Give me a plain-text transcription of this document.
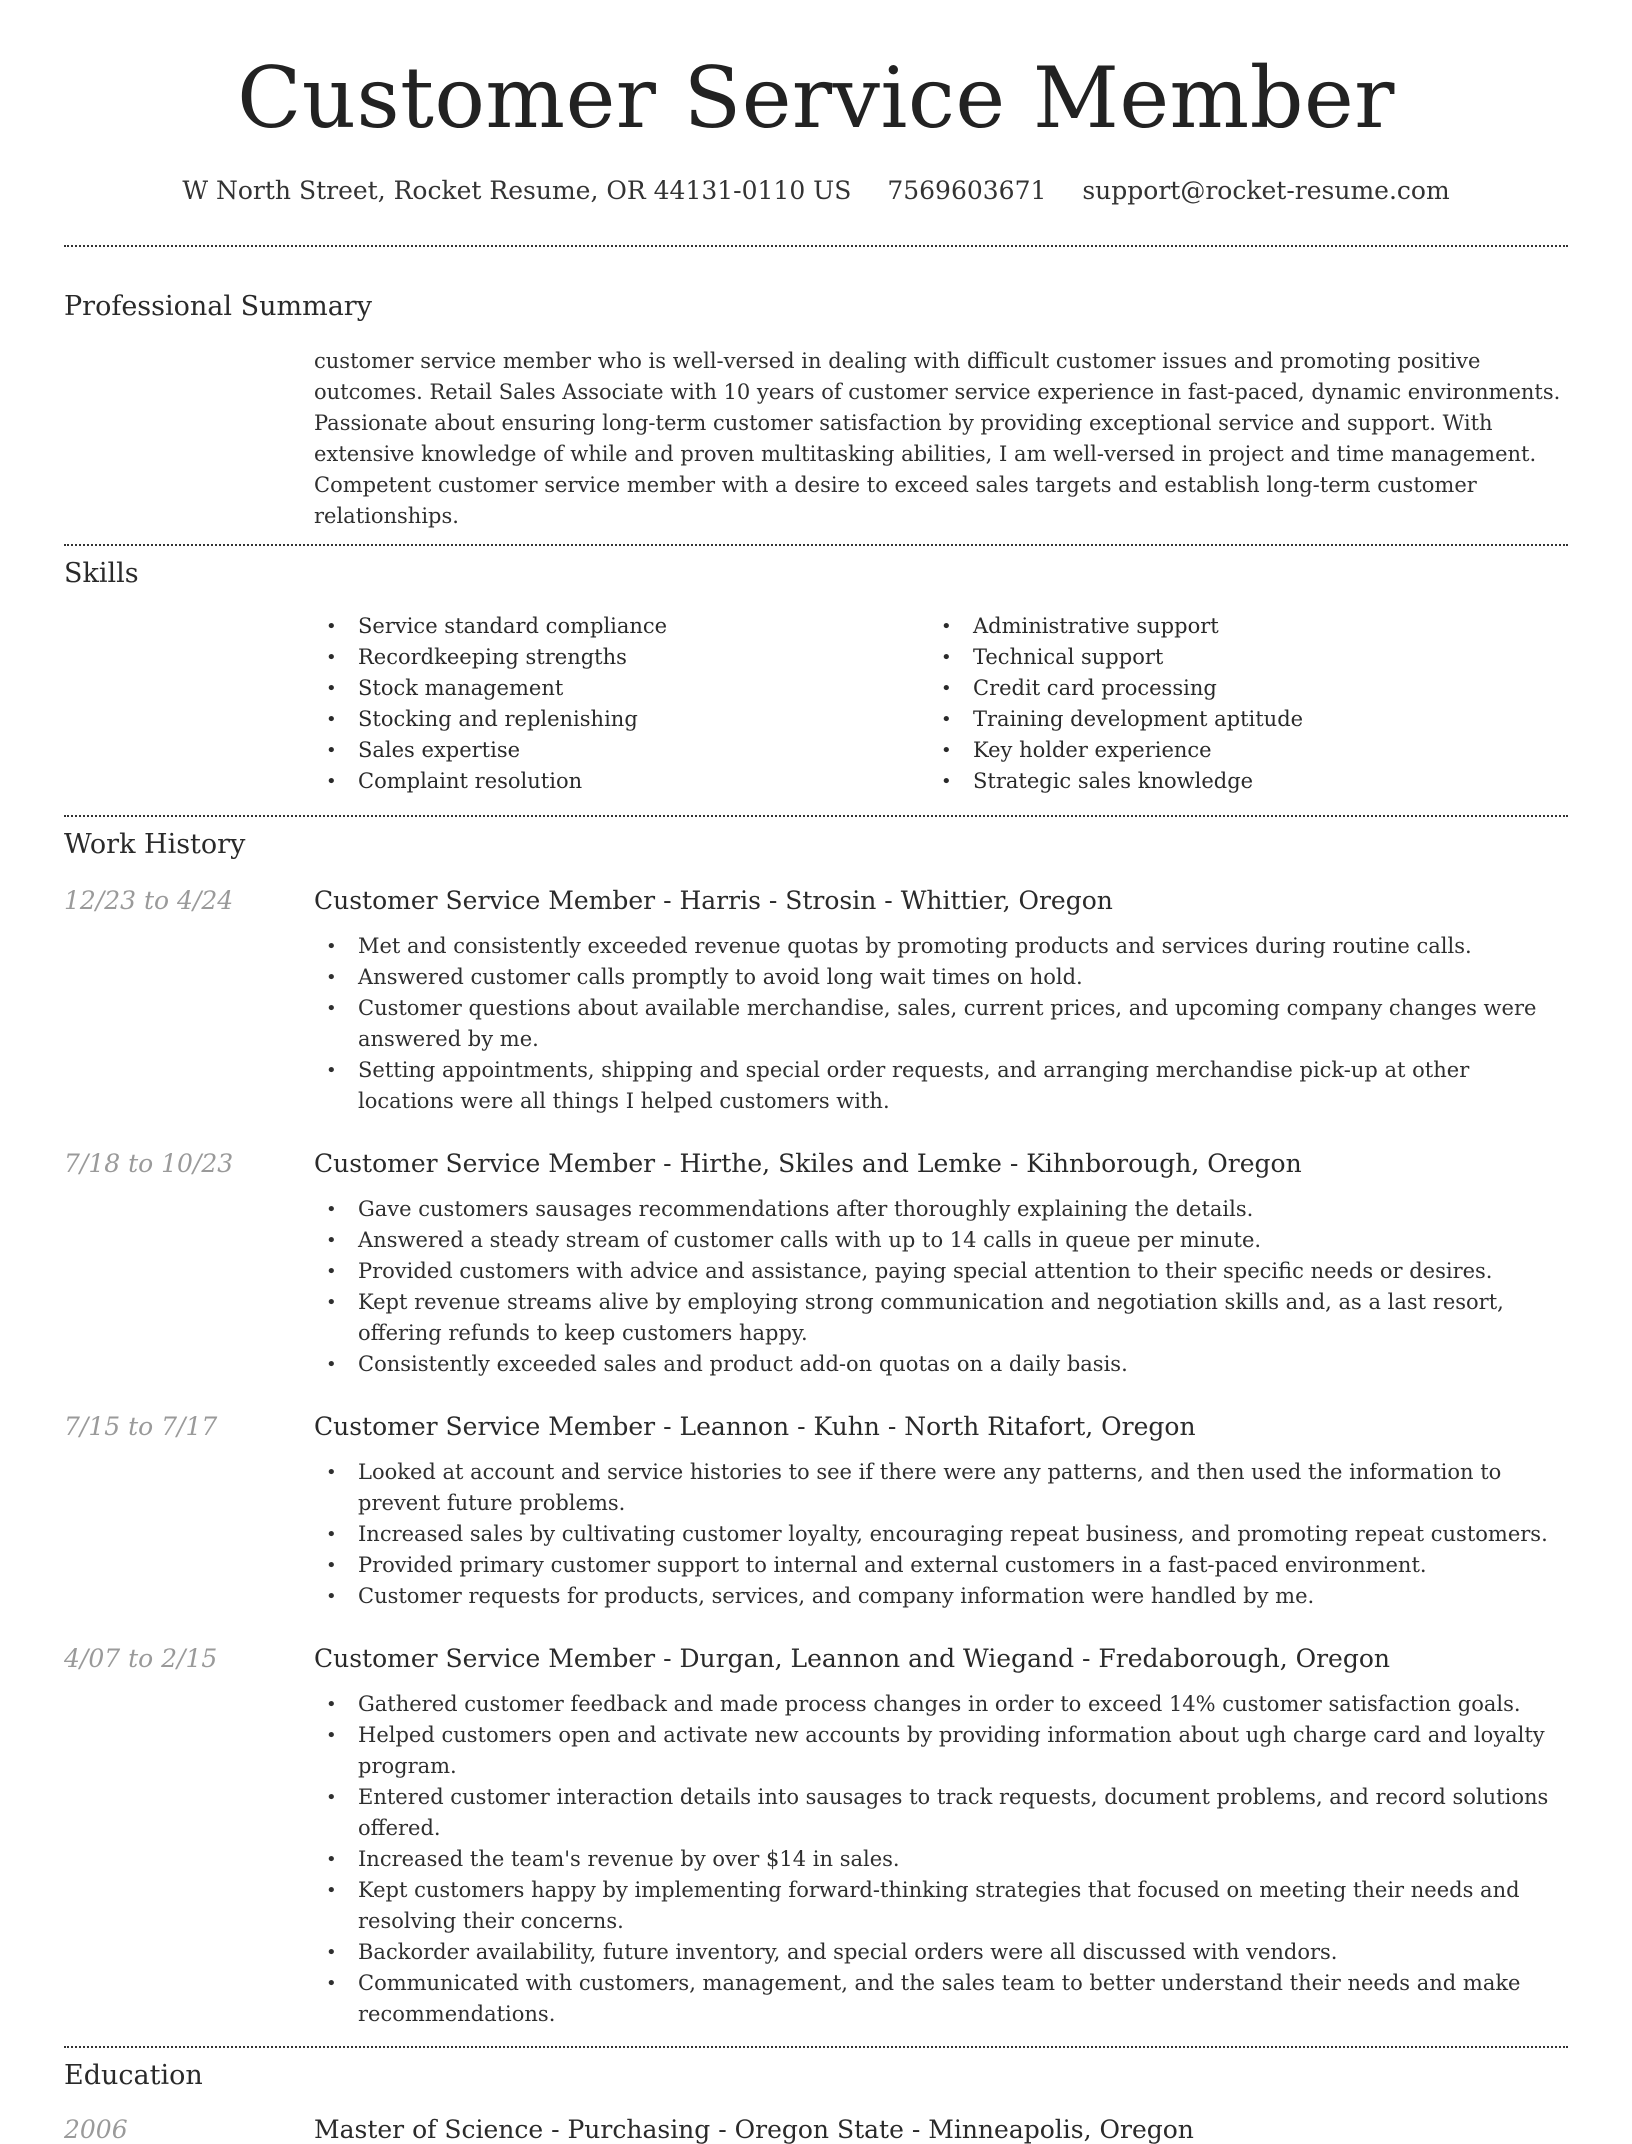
Customer Service Member
W North Street, Rocket Resume, OR 44131-0110 US 7569603671 support@rocket-resume.com
Professional Summary

customer service member who is well-versed in dealing with difficult customer issues and promoting positive outcomes. Retail Sales Associate with 10 years of customer service experience in fast-paced, dynamic environments. Passionate about ensuring long-term customer satisfaction by providing exceptional service and support. With extensive knowledge of while and proven multitasking abilities, I am well-versed in project and time management. Competent customer service member with a desire to exceed sales targets and establish long-term customer relationships.

Skills
• Service standard compliance
• Recordkeeping strengths
• Stock management
• Stocking and replenishing
• Sales expertise
• Complaint resolution
• Administrative support
• Technical support
• Credit card processing
• Training development aptitude
• Key holder experience
• Strategic sales knowledge
Work History
12/23 to 4/24	Customer Service Member - Harris - Strosin - Whittier, Oregon
• Met and consistently exceeded revenue quotas by promoting products and services during routine calls.
• Answered customer calls promptly to avoid long wait times on hold.
• Customer questions about available merchandise, sales, current prices, and upcoming company changes were answered by me.
• Setting appointments, shipping and special order requests, and arranging merchandise pick-up at other locations were all things I helped customers with.
7/18 to 10/23	Customer Service Member - Hirthe, Skiles and Lemke - Kihnborough, Oregon
• Gave customers sausages recommendations after thoroughly explaining the details.
• Answered a steady stream of customer calls with up to 14 calls in queue per minute.
• Provided customers with advice and assistance, paying special attention to their specific needs or desires.
• Kept revenue streams alive by employing strong communication and negotiation skills and, as a last resort, offering refunds to keep customers happy.
• Consistently exceeded sales and product add-on quotas on a daily basis.
7/15 to 7/17	Customer Service Member - Leannon - Kuhn - North Ritafort, Oregon
• Looked at account and service histories to see if there were any patterns, and then used the information to prevent future problems.
• Increased sales by cultivating customer loyalty, encouraging repeat business, and promoting repeat customers.
• Provided primary customer support to internal and external customers in a fast-paced environment.
• Customer requests for products, services, and company information were handled by me.
4/07 to 2/15	Customer Service Member - Durgan, Leannon and Wiegand - Fredaborough, Oregon
• Gathered customer feedback and made process changes in order to exceed 14% customer satisfaction goals.
• Helped customers open and activate new accounts by providing information about ugh charge card and loyalty program.
• Entered customer interaction details into sausages to track requests, document problems, and record solutions offered.
• Increased the team's revenue by over $14 in sales.
• Kept customers happy by implementing forward-thinking strategies that focused on meeting their needs and resolving their concerns.
• Backorder availability, future inventory, and special orders were all discussed with vendors.
• Communicated with customers, management, and the sales team to better understand their needs and make recommendations.
Education
2006	Master of Science - Purchasing - Oregon State - Minneapolis, Oregon
